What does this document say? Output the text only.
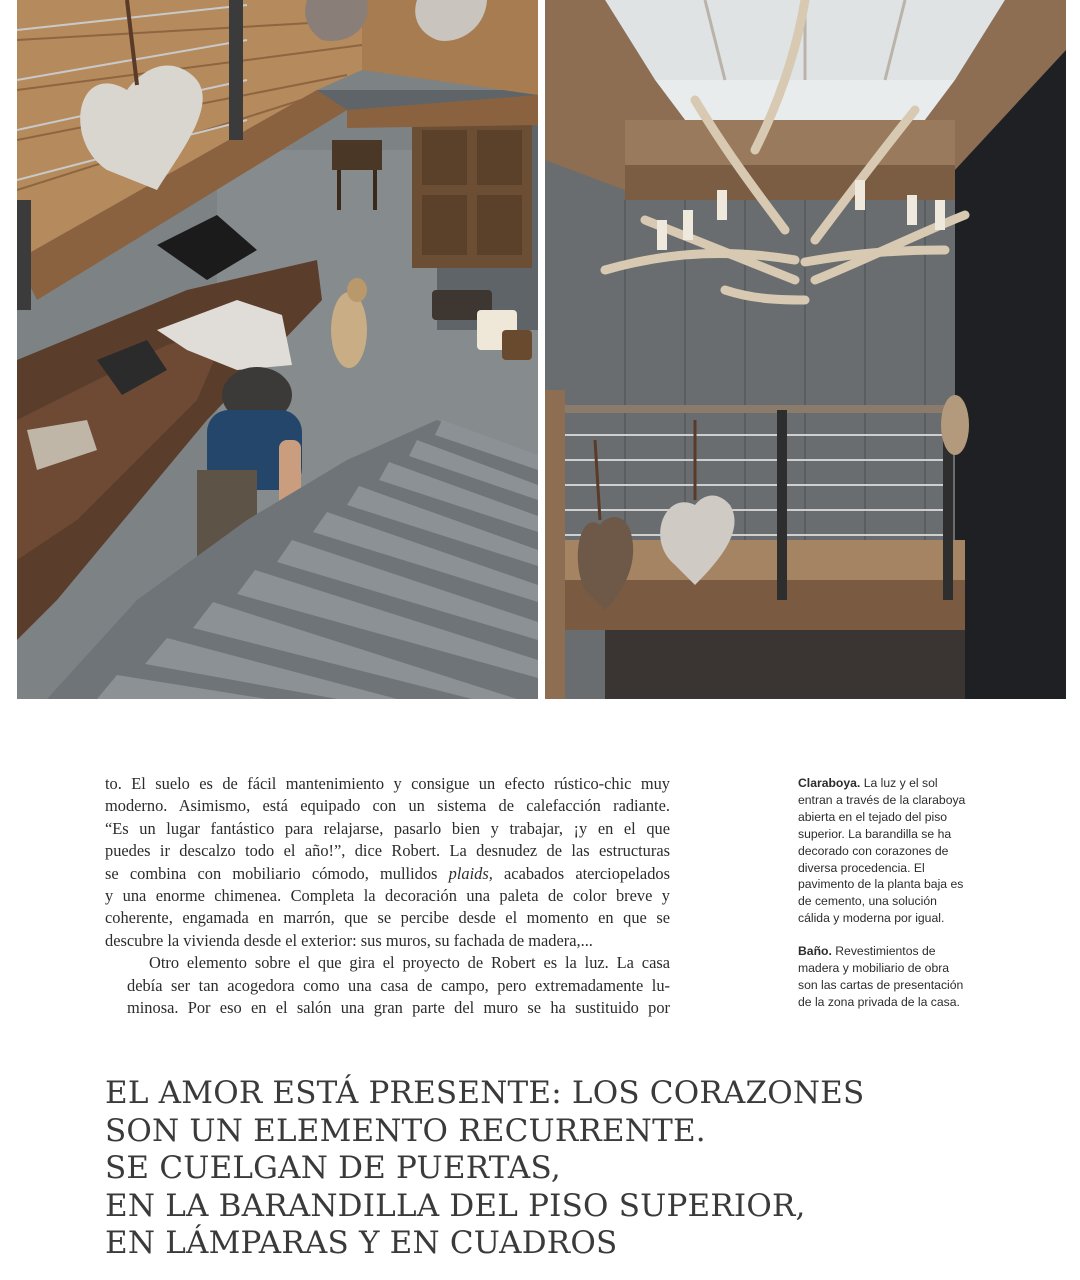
to. El suelo es de fácil mantenimiento y consigue un efecto rústico-chic muy
moderno. Asimismo, está equipado con un sistema de calefacción radiante.
“Es un lugar fantástico para relajarse, pasarlo bien y trabajar, ¡y en el que
puedes ir descalzo todo el año!”, dice Robert. La desnudez de las estructuras
se combina con mobiliario cómodo, mullidos plaids, acabados aterciopelados
y una enorme chimenea. Completa la decoración una paleta de color breve y
coherente, engamada en marrón, que se percibe desde el momento en que se
descubre la vivienda desde el exterior: sus muros, su fachada de madera,...

Otro elemento sobre el que gira el proyecto de Robert es la luz. La casa
debía ser tan acogedora como una casa de campo, pero extremadamente lu-
minosa. Por eso en el salón una gran parte del muro se ha sustituido por

Claraboya. La luz y el sol
entran a través de la claraboya
abierta en el tejado del piso
superior. La barandilla se ha
decorado con corazones de
diversa procedencia. El
pavimento de la planta baja es
de cemento, una solución
cálida y moderna por igual.

Baño. Revestimientos de
madera y mobiliario de obra
son las cartas de presentación
de la zona privada de la casa.

EL AMOR ESTÁ PRESENTE: LOS CORAZONES
SON UN ELEMENTO RECURRENTE.
SE CUELGAN DE PUERTAS,
EN LA BARANDILLA DEL PISO SUPERIOR,
EN LÁMPARAS Y EN CUADROS
